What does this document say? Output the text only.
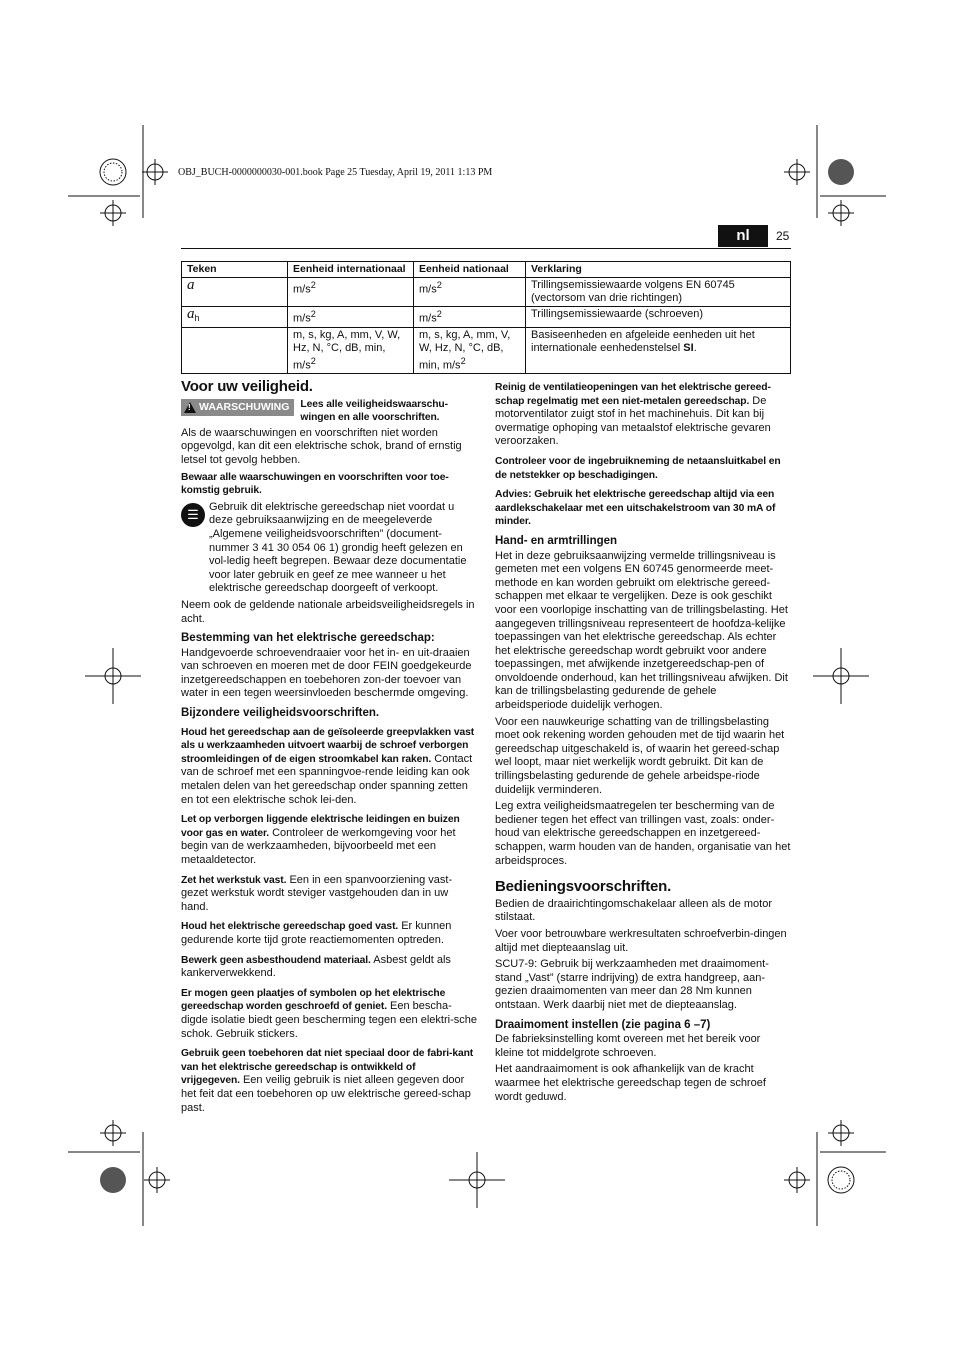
OBJ_BUCH-0000000030-001.book Page 25 Tuesday, April 19, 2011 1:13 PM
nl	25
Teken	Eenheid internationaal	Eenheid nationaal	Verklaring
a	$m/s^2$	$m/s^2$	Trillingsemissiewaarde volgens EN 60745 (vectorsom van drie richtingen)
$a_h$	$m/s^2$	$m/s^2$	Trillingsemissiewaarde (schroeven)
	m, s, kg, A, mm, V, W, Hz, N, °C, dB, min, $m/s^2$	m, s, kg, A, mm, V, W, Hz, N, °C, dB, min, $m/s^2$	Basiseenheden en afgeleide eenheden uit het internationale eenhedenstelsel SI.
Voor uw veiligheid.
! WAARSCHUWING Lees alle veiligheidswaarschu-wingen en alle voorschriften.

Als de waarschuwingen en voorschriften niet worden opgevolgd, kan dit een elektrische schok, brand of ernstig letsel tot gevolg hebben.

Bewaar alle waarschuwingen en voorschriften voor toe-komstig gebruik.

☰

Gebruik dit elektrische gereedschap niet voordat u deze gebruiksaanwijzing en de meegeleverde „Algemene veiligheidsvoorschriften” (document-nummer 3 41 30 054 06 1) grondig heeft gelezen en vol-ledig heeft begrepen. Bewaar deze documentatie voor later gebruik en geef ze mee wanneer u het elektrische gereedschap doorgeeft of verkoopt.

Neem ook de geldende nationale arbeidsveiligheidsregels in acht.

Bestemming van het elektrische gereedschap:

Handgevoerde schroevendraaier voor het in- en uit-draaien van schroeven en moeren met de door FEIN goedgekeurde inzetgereedschappen en toebehoren zon-der toevoer van water in een tegen weersinvloeden beschermde omgeving.

Bijzondere veiligheidsvoorschriften.

Houd het gereedschap aan de geïsoleerde greepvlakken vast als u werkzaamheden uitvoert waarbij de schroef verborgen stroomleidingen of de eigen stroomkabel kan raken. Contact van de schroef met een spanningvoe-rende leiding kan ook metalen delen van het gereedschap onder spanning zetten en tot een elektrische schok lei-den.

Let op verborgen liggende elektrische leidingen en buizen voor gas en water. Controleer de werkomgeving voor het begin van de werkzaamheden, bijvoorbeeld met een metaaldetector.

Zet het werkstuk vast. Een in een spanvoorziening vast-gezet werkstuk wordt steviger vastgehouden dan in uw hand.

Houd het elektrische gereedschap goed vast. Er kunnen gedurende korte tijd grote reactiemomenten optreden.

Bewerk geen asbesthoudend materiaal. Asbest geldt als kankerverwekkend.

Er mogen geen plaatjes of symbolen op het elektrische gereedschap worden geschroefd of geniet. Een bescha-digde isolatie biedt geen bescherming tegen een elektri-sche schok. Gebruik stickers.

Gebruik geen toebehoren dat niet speciaal door de fabri-kant van het elektrische gereedschap is ontwikkeld of vrijgegeven. Een veilig gebruik is niet alleen gegeven door het feit dat een toebehoren op uw elektrische gereed-schap past.

Reinig de ventilatieopeningen van het elektrische gereed-schap regelmatig met een niet-metalen gereedschap. De motorventilator zuigt stof in het machinehuis. Dit kan bij overmatige ophoping van metaalstof elektrische gevaren veroorzaken.

Controleer voor de ingebruikneming de netaansluitkabel en de netstekker op beschadigingen.

Advies: Gebruik het elektrische gereedschap altijd via een aardlekschakelaar met een uitschakelstroom van 30 mA of minder.

Hand- en armtrillingen

Het in deze gebruiksaanwijzing vermelde trillingsniveau is gemeten met een volgens EN 60745 genormeerde meet-methode en kan worden gebruikt om elektrische gereed-schappen met elkaar te vergelijken. Deze is ook geschikt voor een voorlopige inschatting van de trillingsbelasting. Het aangegeven trillingsniveau representeert de hoofdza-kelijke toepassingen van het elektrische gereedschap. Als echter het elektrische gereedschap wordt gebruikt voor andere toepassingen, met afwijkende inzetgereedschap-pen of onvoldoende onderhoud, kan het trillingsniveau afwijken. Dit kan de trillingsbelasting gedurende de gehele arbeidsperiode duidelijk verhogen.

Voor een nauwkeurige schatting van de trillingsbelasting moet ook rekening worden gehouden met de tijd waarin het gereedschap uitgeschakeld is, of waarin het gereed-schap wel loopt, maar niet werkelijk wordt gebruikt. Dit kan de trillingsbelasting gedurende de gehele arbeidspe-riode duidelijk verminderen.

Leg extra veiligheidsmaatregelen ter bescherming van de bediener tegen het effect van trillingen vast, zoals: onder-houd van elektrische gereedschappen en inzetgereed-schappen, warm houden van de handen, organisatie van het arbeidsproces.

Bedieningsvoorschriften.

Bedien de draairichtingomschakelaar alleen als de motor stilstaat.

Voer voor betrouwbare werkresultaten schroefverbin-dingen altijd met diepteaanslag uit.

SCU7-9: Gebruik bij werkzaamheden met draaimoment-stand „Vast” (starre indrijving) de extra handgreep, aan-gezien draaimomenten van meer dan 28 Nm kunnen ontstaan. Werk daarbij niet met de diepteaanslag.

Draaimoment instellen (zie pagina 6 –7)

De fabrieksinstelling komt overeen met het bereik voor kleine tot middelgrote schroeven.

Het aandraaimoment is ook afhankelijk van de kracht waarmee het elektrische gereedschap tegen de schroef wordt geduwd.
